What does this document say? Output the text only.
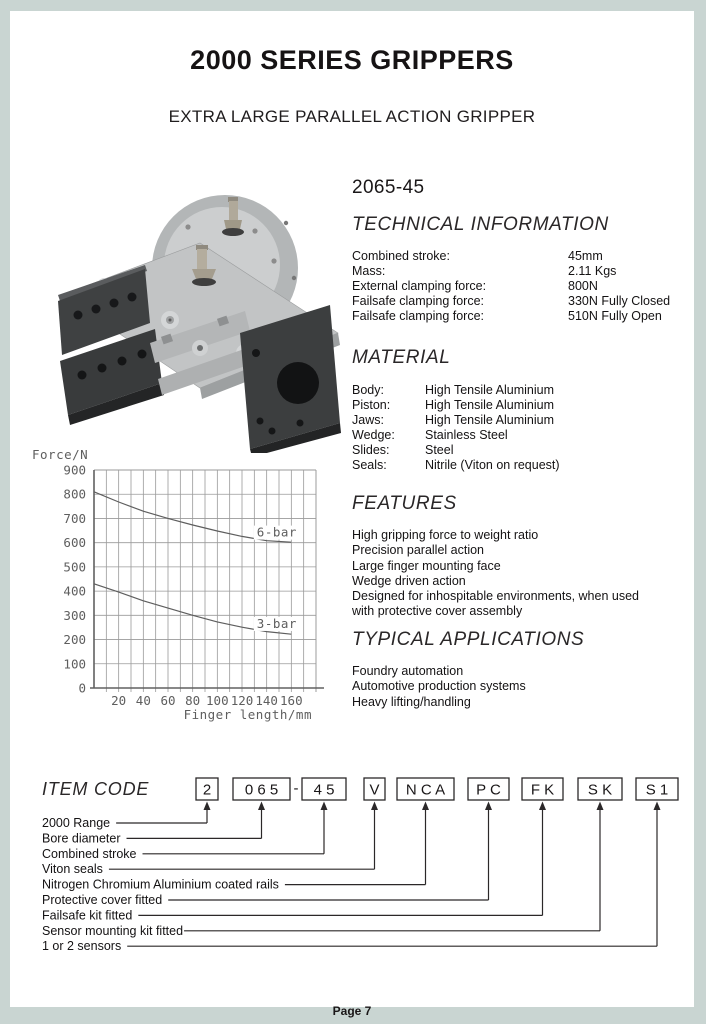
2000 SERIES GRIPPERS
EXTRA LARGE PARALLEL ACTION GRIPPER
2065-45
TECHNICAL INFORMATION
Combined stroke:	45mm
Mass:	2.11 Kgs
External clamping force:	800N
Failsafe clamping force:	330N Fully Closed
Failsafe clamping force:	510N Fully Open
MATERIAL
Body:	High Tensile Aluminium
Piston:	High Tensile Aluminium
Jaws:	High Tensile Aluminium
Wedge: Stainless Steel
Slides:	Steel
Seals:	Nitrile (Viton on request)
FEATURES
High gripping force to weight ratio
Precision parallel action
Large finger mounting face
Wedge driven action
Designed for inhospitable environments, when used with protective cover assembly
TYPICAL APPLICATIONS
Foundry automation
Automotive production systems
Heavy lifting/handling
0
100
200
300
400
500
600
700
800
900
20 40 60 80 100 120 140 160
Force/N
Finger length/mm
6-bar
3-bar
ITEM CODE	2 0 6 5 4 5 V N C A P C F K S K S 1
-
2000 Range
Bore diameter
Combined stroke
Viton seals
Nitrogen Chromium Aluminium coated rails
Protective cover fitted
Failsafe kit fitted
Sensor mounting kit fitted
1 or 2 sensors
Page 7
